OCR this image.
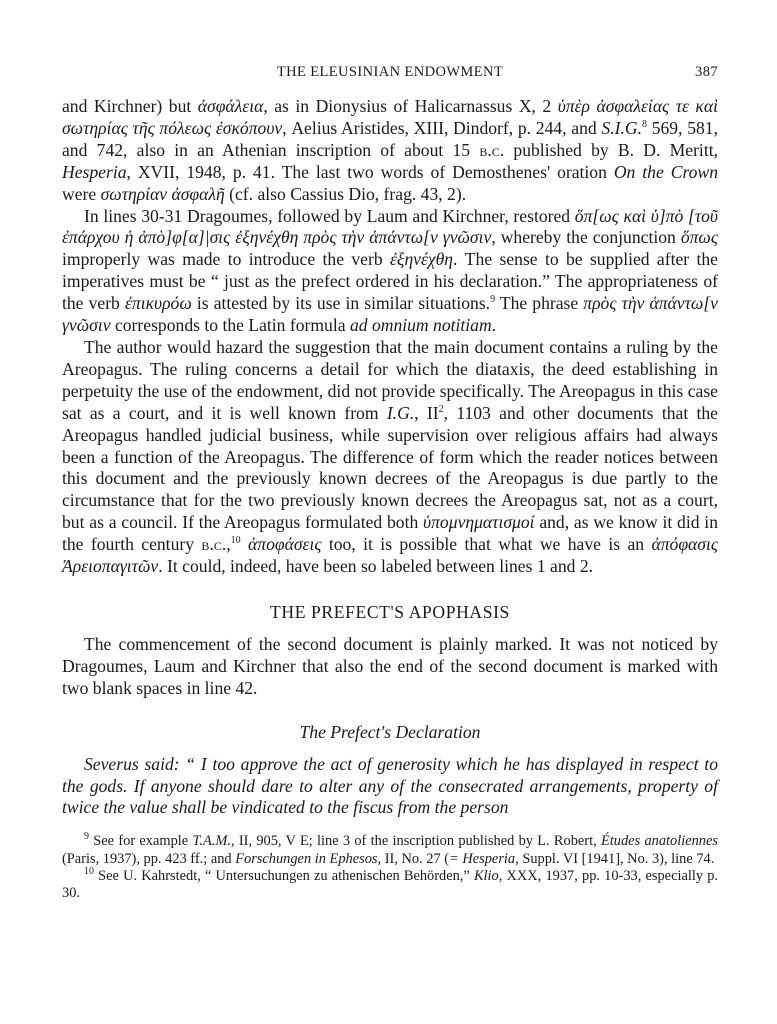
THE ELEUSINIAN ENDOWMENT	387

and Kirchner) but ἀσφάλεια, as in Dionysius of Halicarnassus X, 2 ὑπὲρ ἀσφαλείας τε καὶ σωτηρίας τῆς πόλεως ἐσκόπουν, Aelius Aristides, XIII, Dindorf, p. 244, and S.I.G.$^8$ 569, 581, and 742, also in an Athenian inscription of about 15 b.c. published by B. D. Meritt, Hesperia, XVII, 1948, p. 41. The last two words of Demosthenes' oration On the Crown were σωτηρίαν ἀσφαλῆ (cf. also Cassius Dio, frag. 43, 2).

In lines 30-31 Dragoumes, followed by Laum and Kirchner, restored ὅπ[ως καὶ ὑ]πὸ [τοῦ ἐπάρχου ἡ ἀπὸ]φ[α]|σις ἐξηνέχθη πρὸς τὴν ἁπάντω[ν γνῶσιν, whereby the conjunction ὅπως improperly was made to introduce the verb ἐξηνέχθη. The sense to be supplied after the imperatives must be “ just as the prefect ordered in his declaration.” The appropriateness of the verb ἐπικυρόω is attested by its use in similar situations.$^9$ The phrase πρὸς τὴν ἁπάντω[ν γνῶσιν corresponds to the Latin formula ad omnium notitiam.

The author would hazard the suggestion that the main document contains a ruling by the Areopagus. The ruling concerns a detail for which the diataxis, the deed establishing in perpetuity the use of the endowment, did not provide specifically. The Areopagus in this case sat as a court, and it is well known from I.G., $II^2$, 1103 and other documents that the Areopagus handled judicial business, while supervision over religious affairs had always been a function of the Areopagus. The difference of form which the reader notices between this document and the previously known decrees of the Areopagus is due partly to the circumstance that for the two previously known decrees the Areopagus sat, not as a court, but as a council. If the Areopagus formulated both ὑπομνηματισμοί and, as we know it did in the fourth century b.c.,$^{10}$ ἀποφάσεις too, it is possible that what we have is an ἀπόφασις Ἀρειοπαγιτῶν. It could, indeed, have been so labeled between lines 1 and 2.

THE PREFECT'S APOPHASIS

The commencement of the second document is plainly marked. It was not noticed by Dragoumes, Laum and Kirchner that also the end of the second document is marked with two blank spaces in line 42.

The Prefect's Declaration

Severus said: “ I too approve the act of generosity which he has displayed in respect to the gods. If anyone should dare to alter any of the consecrated arrangements, property of twice the value shall be vindicated to the fiscus from the person

$^9$ See for example T.A.M., II, 905, V E; line 3 of the inscription published by L. Robert, Études anatoliennes (Paris, 1937), pp. 423 ff.; and Forschungen in Ephesos, II, No. 27 (= Hesperia, Suppl. VI [1941], No. 3), line 74.

$^{10}$ See U. Kahrstedt, “ Untersuchungen zu athenischen Behörden,” Klio, XXX, 1937, pp. 10-33, especially p. 30.
